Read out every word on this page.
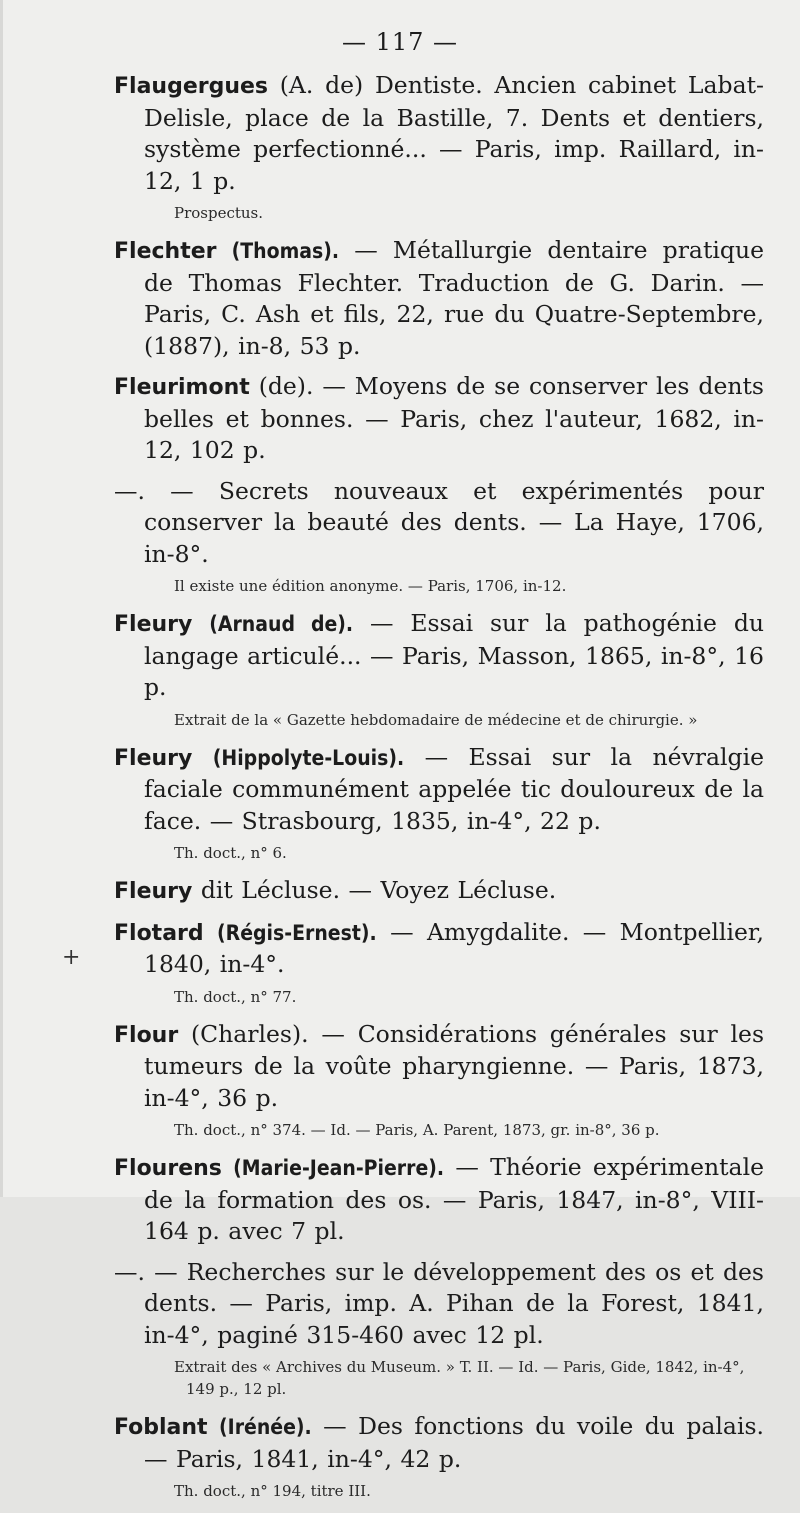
— 117 —
+
Flaugergues (A. de) Dentiste. Ancien cabinet Labat-Delisle, place de la Bastille, 7. Dents et dentiers, système perfectionné... — Paris, imp. Raillard, in-12, 1 p.
Prospectus.
Flechter (Thomas). — Métallurgie dentaire pratique de Thomas Flechter. Traduction de G. Darin. — Paris, C. Ash et fils, 22, rue du Quatre-Septembre, (1887), in-8, 53 p.
Fleurimont (de). — Moyens de se conserver les dents belles et bonnes. — Paris, chez l'auteur, 1682, in-12, 102 p.
—. — Secrets nouveaux et expérimentés pour conserver la beauté des dents. — La Haye, 1706, in-8°.
Il existe une édition anonyme. — Paris, 1706, in-12.
Fleury (Arnaud de). — Essai sur la pathogénie du langage articulé... — Paris, Masson, 1865, in-8°, 16 p.
Extrait de la « Gazette hebdomadaire de médecine et de chirurgie. »
Fleury (Hippolyte-Louis). — Essai sur la névralgie faciale communément appelée tic douloureux de la face. — Strasbourg, 1835, in-4°, 22 p.
Th. doct., n° 6.
Fleury dit Lécluse. — Voyez Lécluse.
Flotard (Régis-Ernest). — Amygdalite. — Montpellier, 1840, in-4°.
Th. doct., n° 77.
Flour (Charles). — Considérations générales sur les tumeurs de la voûte pharyngienne. — Paris, 1873, in-4°, 36 p.
Th. doct., n° 374. — Id. — Paris, A. Parent, 1873, gr. in-8°, 36 p.
Flourens (Marie-Jean-Pierre). — Théorie expérimentale de la formation des os. — Paris, 1847, in-8°, VIII-164 p. avec 7 pl.
—. — Recherches sur le développement des os et des dents. — Paris, imp. A. Pihan de la Forest, 1841, in-4°, paginé 315-460 avec 12 pl.
Extrait des « Archives du Museum. » T. II. — Id. — Paris, Gide, 1842, in-4°, 149 p., 12 pl.
Foblant (Irénée). — Des fonctions du voile du palais. — Paris, 1841, in-4°, 42 p.
Th. doct., n° 194, titre III.
